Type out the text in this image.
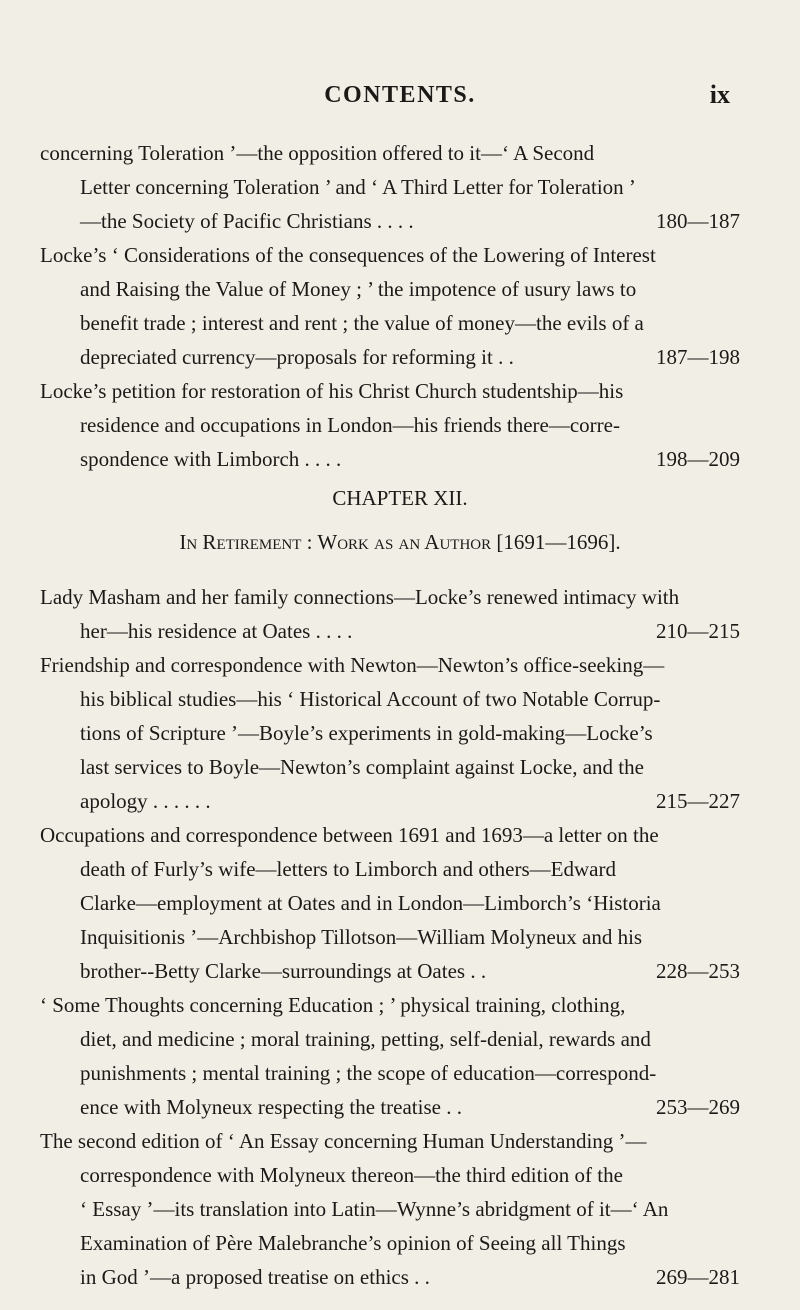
CONTENTS.	ix
concerning Toleration ’—the opposition offered to it—‘ A Second
Letter concerning Toleration ’ and ‘ A Third Letter for Toleration ’
—the Society of Pacific Christians . . . .	180—187
Locke’s ‘ Considerations of the consequences of the Lowering of Interest
and Raising the Value of Money ; ’ the impotence of usury laws to
benefit trade ; interest and rent ; the value of money—the evils of a
depreciated currency—proposals for reforming it . .	187—198
Locke’s petition for restoration of his Christ Church studentship—his
residence and occupations in London—his friends there—corre-
spondence with Limborch . . . .	198—209
CHAPTER XII.
In Retirement : Work as an Author [1691—1696].
Lady Masham and her family connections—Locke’s renewed intimacy with
her—his residence at Oates . . . .	210—215
Friendship and correspondence with Newton—Newton’s office-seeking—
his biblical studies—his ‘ Historical Account of two Notable Corrup-
tions of Scripture ’—Boyle’s experiments in gold-making—Locke’s
last services to Boyle—Newton’s complaint against Locke, and the
apology . . . . . .	215—227
Occupations and correspondence between 1691 and 1693—a letter on the
death of Furly’s wife—letters to Limborch and others—Edward
Clarke—employment at Oates and in London—Limborch’s ‘Historia
Inquisitionis ’—Archbishop Tillotson—William Molyneux and his
brother--Betty Clarke—surroundings at Oates . .	228—253
‘ Some Thoughts concerning Education ; ’ physical training, clothing,
diet, and medicine ; moral training, petting, self-denial, rewards and
punishments ; mental training ; the scope of education—correspond-
ence with Molyneux respecting the treatise . .	253—269
The second edition of ‘ An Essay concerning Human Understanding ’—
correspondence with Molyneux thereon—the third edition of the
‘ Essay ’—its translation into Latin—Wynne’s abridgment of it—‘ An
Examination of Père Malebranche’s opinion of Seeing all Things
in God ’—a proposed treatise on ethics . .	269—281
